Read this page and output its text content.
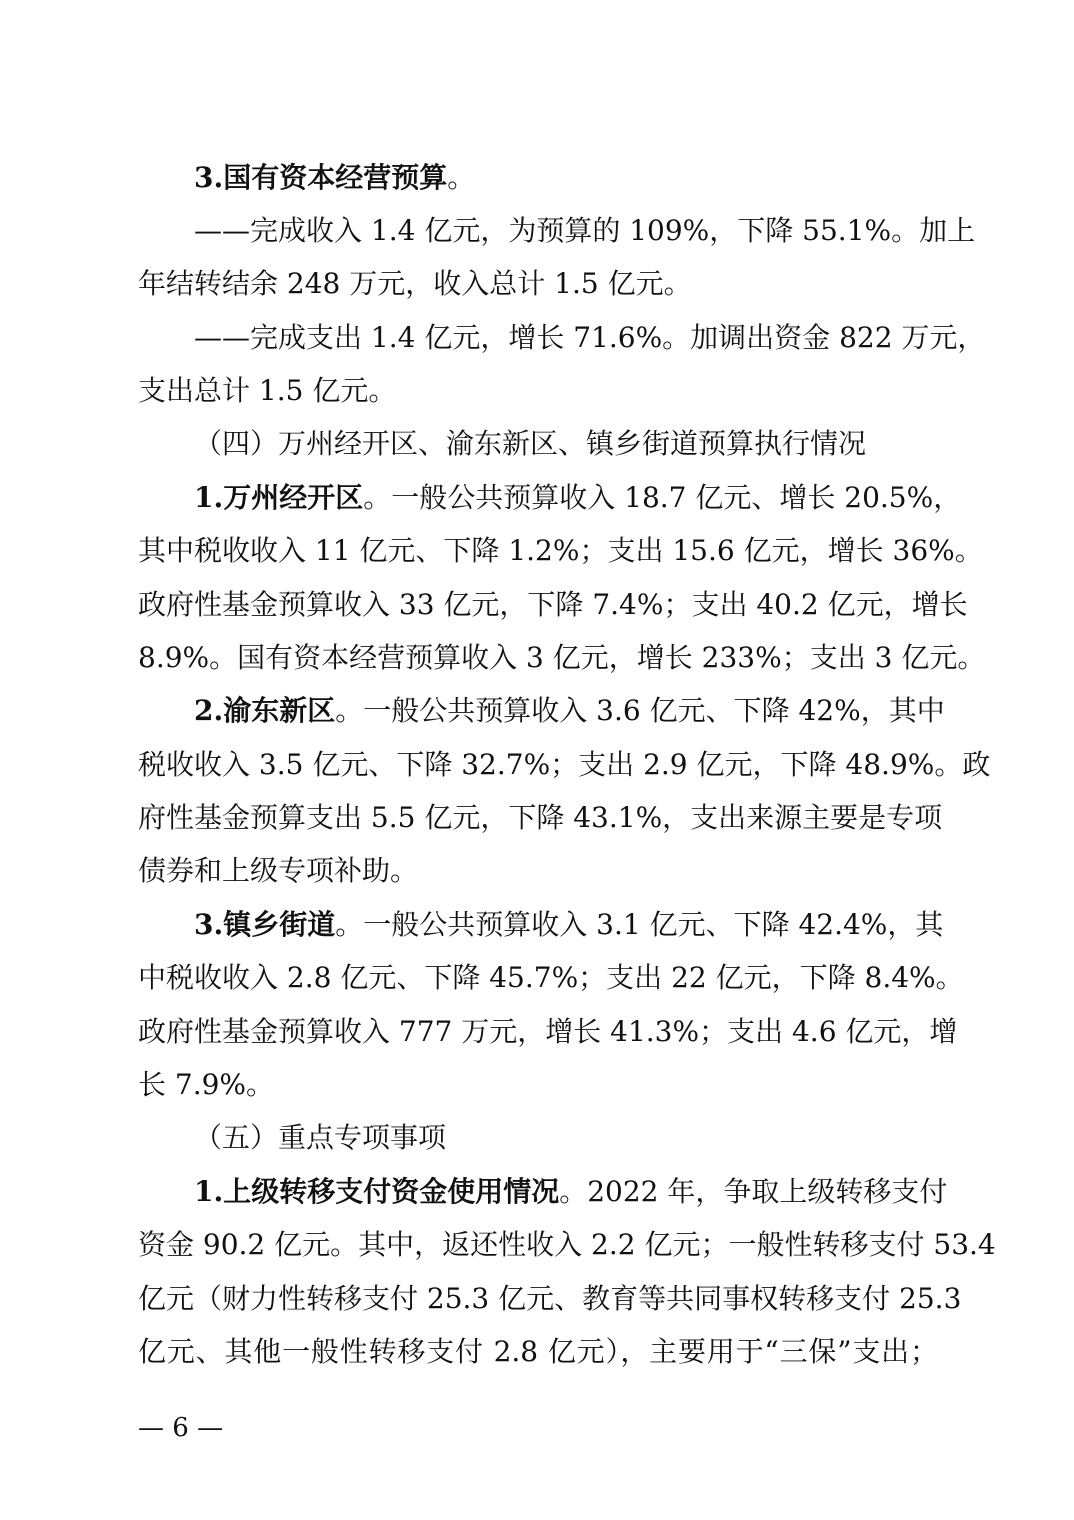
3.国有资本经营预算。
——完成收入 1.4 亿元，为预算的 109%，下降 55.1%。加上
年结转结余 248 万元，收入总计 1.5 亿元。
——完成支出 1.4 亿元，增长 71.6%。加调出资金 822 万元，
支出总计 1.5 亿元。
（四）万州经开区、渝东新区、镇乡街道预算执行情况
1.万州经开区。一般公共预算收入 18.7 亿元、增长 20.5%，
其中税收收入 11 亿元、下降 1.2%；支出 15.6 亿元，增长 36%。
政府性基金预算收入 33 亿元，下降 7.4%；支出 40.2 亿元，增长
8.9%。国有资本经营预算收入 3 亿元，增长 233%；支出 3 亿元。
2.渝东新区。一般公共预算收入 3.6 亿元、下降 42%，其中
税收收入 3.5 亿元、下降 32.7%；支出 2.9 亿元，下降 48.9%。政
府性基金预算支出 5.5 亿元，下降 43.1%，支出来源主要是专项
债券和上级专项补助。
3.镇乡街道。一般公共预算收入 3.1 亿元、下降 42.4%，其
中税收收入 2.8 亿元、下降 45.7%；支出 22 亿元，下降 8.4%。
政府性基金预算收入 777 万元，增长 41.3%；支出 4.6 亿元，增
长 7.9%。
（五）重点专项事项
1.上级转移支付资金使用情况。2022 年，争取上级转移支付
资金 90.2 亿元。其中，返还性收入 2.2 亿元；一般性转移支付 53.4
亿元（财力性转移支付 25.3 亿元、教育等共同事权转移支付 25.3
亿元、其他一般性转移支付 2.8 亿元），主要用于“三保”支出；
— 6 —
